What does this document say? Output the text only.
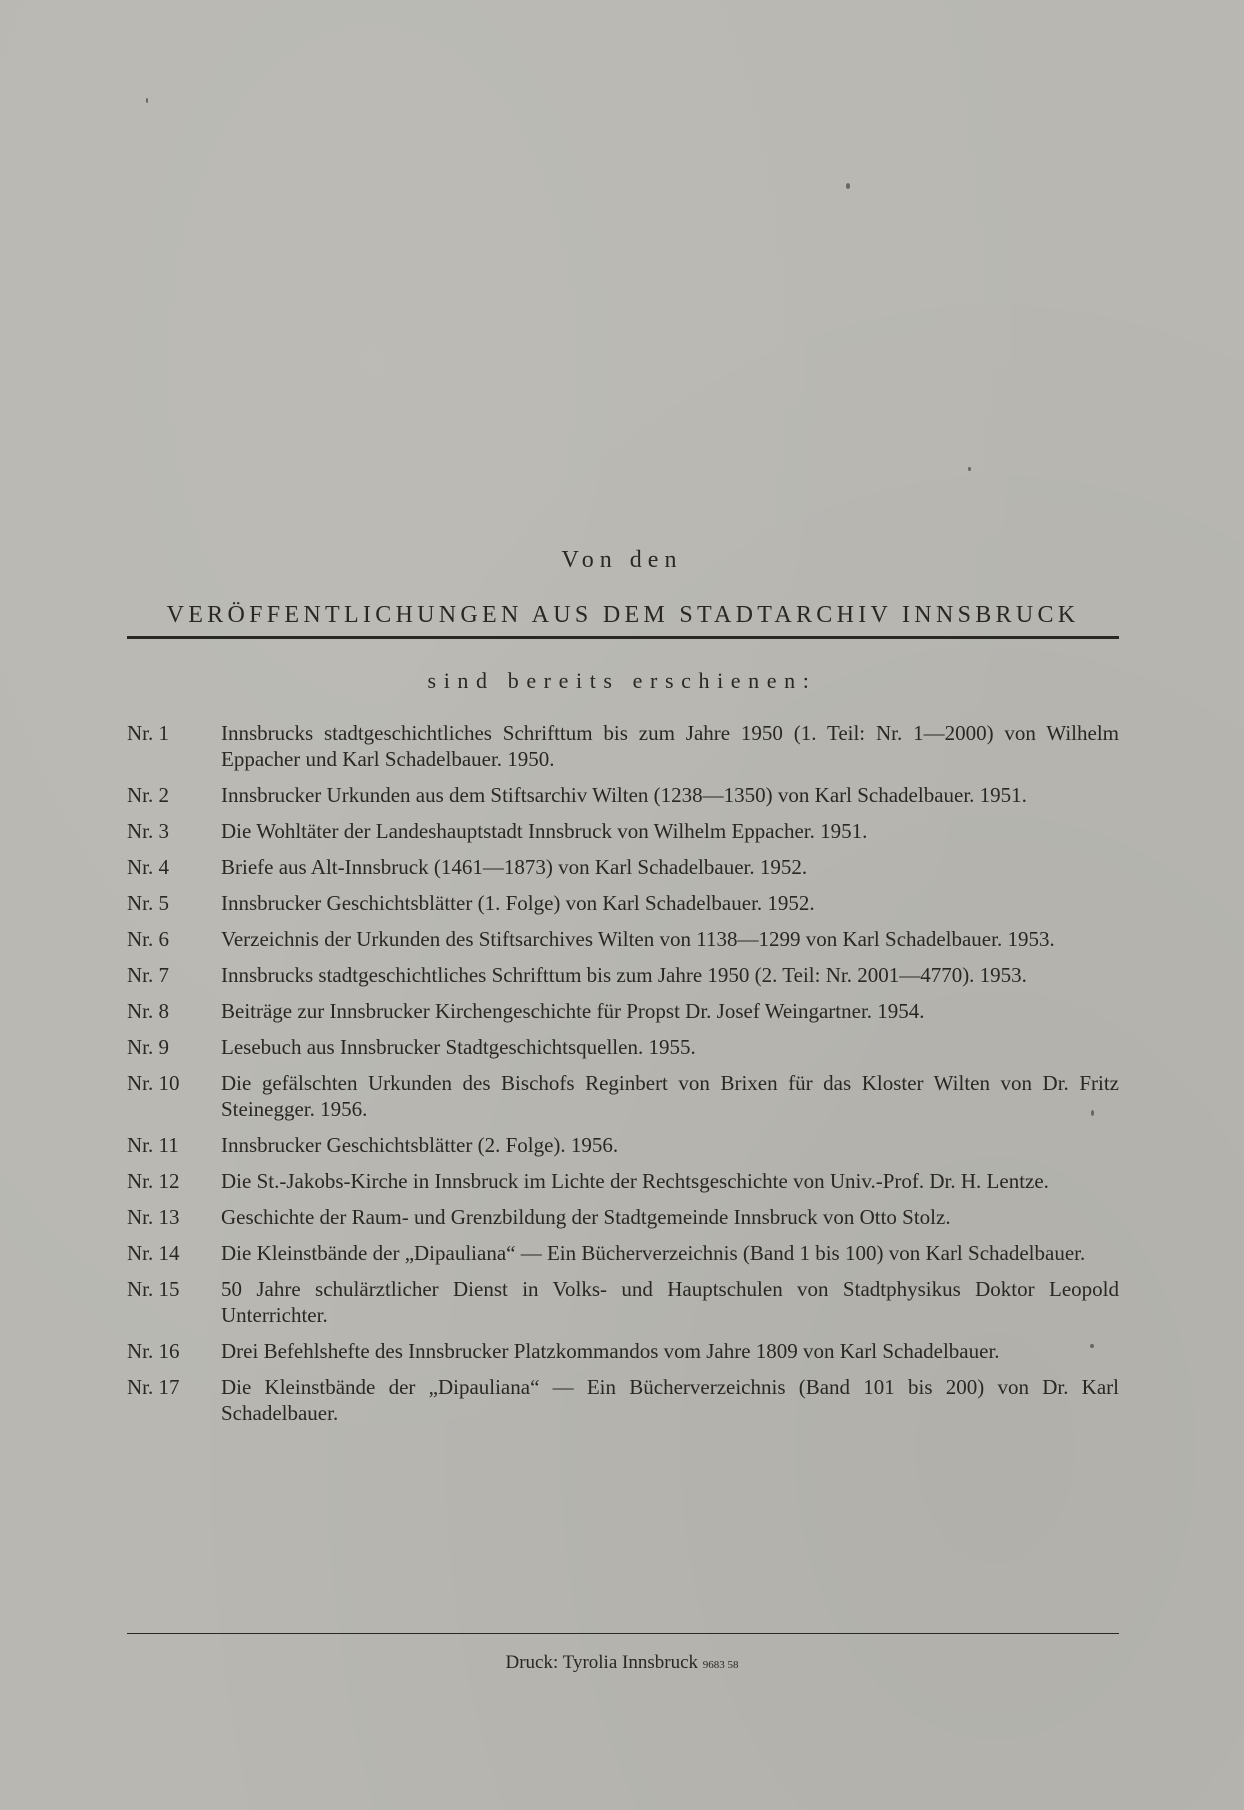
Von den
VERÖFFENTLICHUNGEN AUS DEM STADTARCHIV INNSBRUCK
sind bereits erschienen:
Nr. 1	Innsbrucks stadtgeschichtliches Schrifttum bis zum Jahre 1950 (1. Teil: Nr. 1—2000) von Wilhelm Eppacher und Karl Schadelbauer. 1950.
Nr. 2	Innsbrucker Urkunden aus dem Stiftsarchiv Wilten (1238—1350) von Karl Schadelbauer. 1951.
Nr. 3	Die Wohltäter der Landeshauptstadt Innsbruck von Wilhelm Eppacher. 1951.
Nr. 4	Briefe aus Alt-Innsbruck (1461—1873) von Karl Schadelbauer. 1952.
Nr. 5	Innsbrucker Geschichtsblätter (1. Folge) von Karl Schadelbauer. 1952.
Nr. 6	Verzeichnis der Urkunden des Stiftsarchives Wilten von 1138—1299 von Karl Schadelbauer. 1953.
Nr. 7	Innsbrucks stadtgeschichtliches Schrifttum bis zum Jahre 1950 (2. Teil: Nr. 2001—4770). 1953.
Nr. 8	Beiträge zur Innsbrucker Kirchengeschichte für Propst Dr. Josef Weingartner. 1954.
Nr. 9	Lesebuch aus Innsbrucker Stadtgeschichtsquellen. 1955.
Nr. 10	Die gefälschten Urkunden des Bischofs Reginbert von Brixen für das Kloster Wilten von Dr. Fritz Steinegger. 1956.
Nr. 11	Innsbrucker Geschichtsblätter (2. Folge). 1956.
Nr. 12	Die St.-Jakobs-Kirche in Innsbruck im Lichte der Rechtsgeschichte von Univ.-Prof. Dr. H. Lentze.
Nr. 13	Geschichte der Raum- und Grenzbildung der Stadtgemeinde Innsbruck von Otto Stolz.
Nr. 14	Die Kleinstbände der „Dipauliana“ — Ein Bücherverzeichnis (Band 1 bis 100) von Karl Schadelbauer.
Nr. 15	50 Jahre schulärztlicher Dienst in Volks- und Hauptschulen von Stadtphysikus Doktor Leopold Unterrichter.
Nr. 16	Drei Befehlshefte des Innsbrucker Platzkommandos vom Jahre 1809 von Karl Schadelbauer.
Nr. 17	Die Kleinstbände der „Dipauliana“ — Ein Bücherverzeichnis (Band 101 bis 200) von Dr. Karl Schadelbauer.
Druck: Tyrolia Innsbruck 9683 58
